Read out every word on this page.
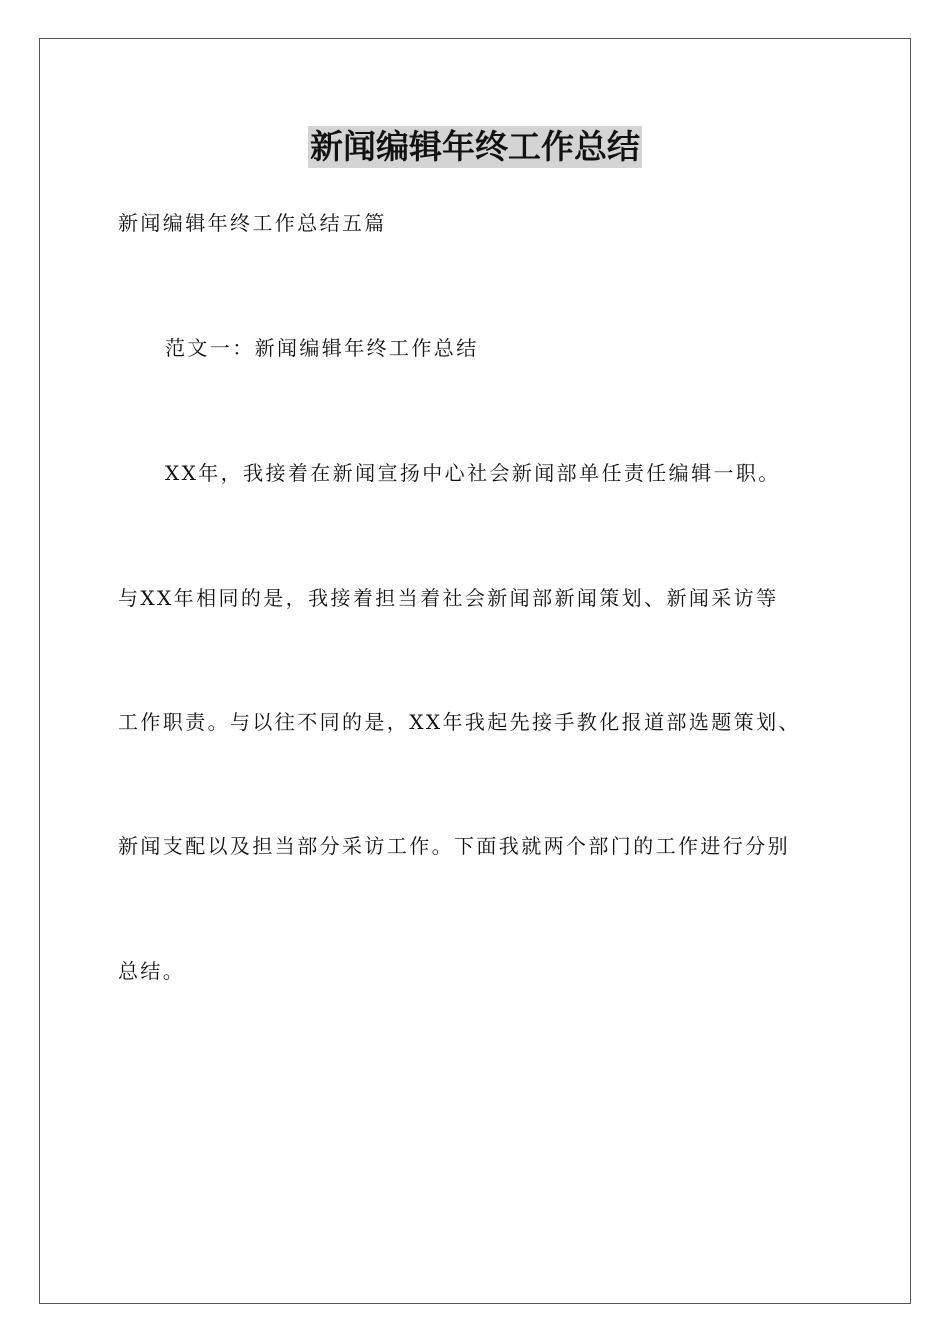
新闻编辑年终工作总结
新闻编辑年终工作总结五篇
范文一：新闻编辑年终工作总结
XX年，我接着在新闻宣扬中心社会新闻部单任责任编辑一职。
与XX年相同的是，我接着担当着社会新闻部新闻策划、新闻采访等
工作职责。与以往不同的是，XX年我起先接手教化报道部选题策划、
新闻支配以及担当部分采访工作。下面我就两个部门的工作进行分别
总结。
